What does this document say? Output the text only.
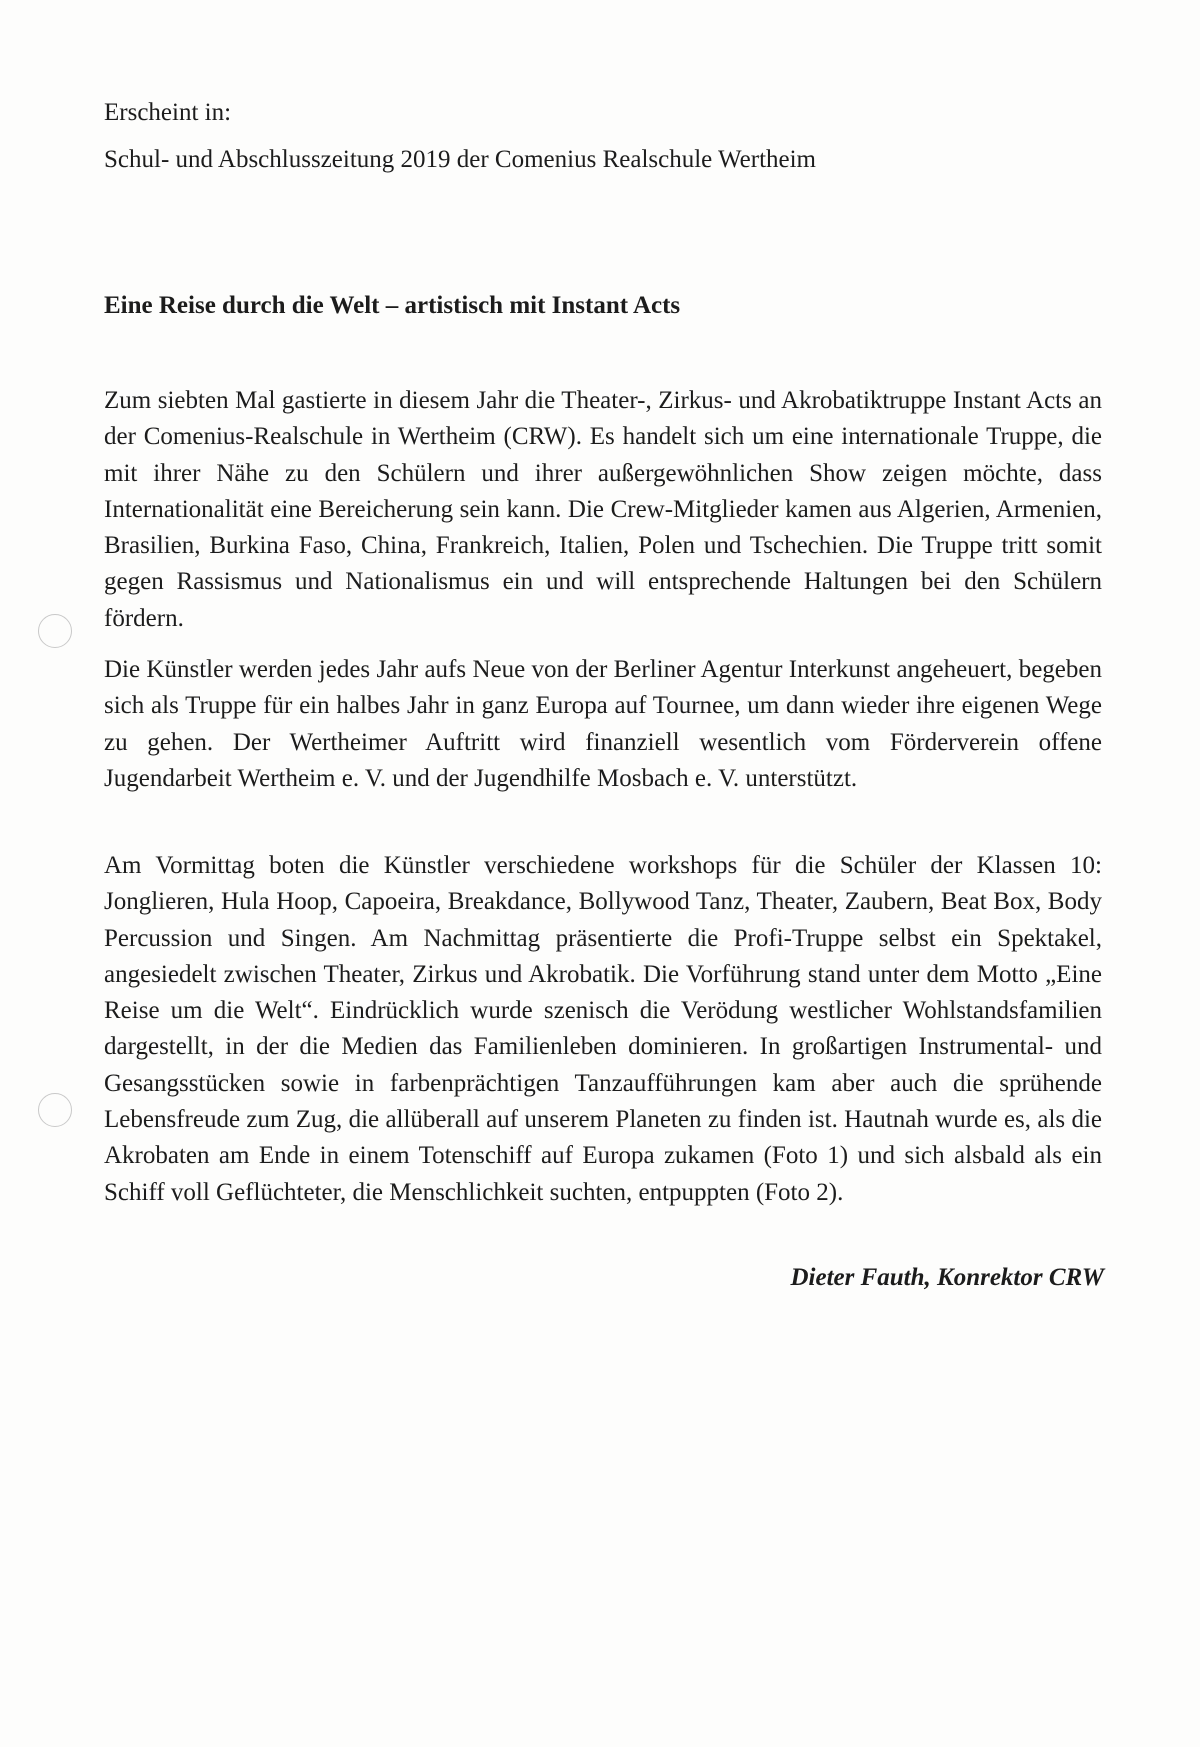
Erscheint in:
Schul- und Abschlusszeitung 2019 der Comenius Realschule Wertheim
Eine Reise durch die Welt – artistisch mit Instant Acts
Zum siebten Mal gastierte in diesem Jahr die Theater-, Zirkus- und Akrobatiktruppe Instant Acts an der Comenius-Realschule in Wertheim (CRW). Es handelt sich um eine internationale Truppe, die mit ihrer Nähe zu den Schülern und ihrer außergewöhnlichen Show zeigen möchte, dass Internationalität eine Bereicherung sein kann. Die Crew-Mitglieder kamen aus Algerien, Armenien, Brasilien, Burkina Faso, China, Frankreich, Italien, Polen und Tschechien. Die Truppe tritt somit gegen Rassismus und Nationalismus ein und will entsprechende Haltungen bei den Schülern fördern.
Die Künstler werden jedes Jahr aufs Neue von der Berliner Agentur Interkunst angeheuert, begeben sich als Truppe für ein halbes Jahr in ganz Europa auf Tournee, um dann wieder ihre eigenen Wege zu gehen. Der Wertheimer Auftritt wird finanziell wesentlich vom Förderverein offene Jugendarbeit Wertheim e. V. und der Jugendhilfe Mosbach e. V. unterstützt.
Am Vormittag boten die Künstler verschiedene workshops für die Schüler der Klassen 10: Jonglieren, Hula Hoop, Capoeira, Breakdance, Bollywood Tanz, Theater, Zaubern, Beat Box, Body Percussion und Singen. Am Nachmittag präsentierte die Profi-Truppe selbst ein Spektakel, angesiedelt zwischen Theater, Zirkus und Akrobatik. Die Vorführung stand unter dem Motto „Eine Reise um die Welt“. Eindrücklich wurde szenisch die Verödung westlicher Wohlstandsfamilien dargestellt, in der die Medien das Familienleben dominieren. In großartigen Instrumental- und Gesangsstücken sowie in farbenprächtigen Tanzaufführungen kam aber auch die sprühende Lebensfreude zum Zug, die allüberall auf unserem Planeten zu finden ist. Hautnah wurde es, als die Akrobaten am Ende in einem Totenschiff auf Europa zukamen (Foto 1) und sich alsbald als ein Schiff voll Geflüchteter, die Menschlichkeit suchten, entpuppten (Foto 2).
Dieter Fauth, Konrektor CRW
